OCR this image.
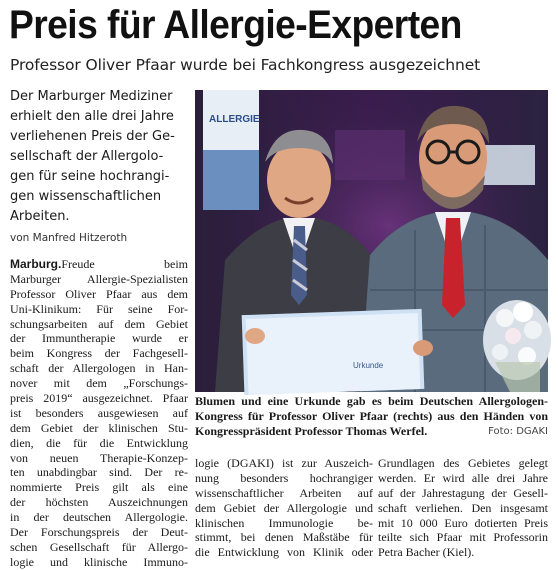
Preis für Allergie-Experten
Professor Oliver Pfaar wurde bei Fachkongress ausgezeichnet

Der Marburger Mediziner

erhielt den alle drei Jahre

verliehenen Preis der Ge-

sellschaft der Allergolo-

gen für seine hochrangi-

gen wissenschaftlichen

Arbeiten.

von Manfred Hitzeroth

Marburg.Freude beim

Marburger Allergie-Spezialisten

Professor Oliver Pfaar aus dem

Uni-Klinikum: Für seine For-

schungsarbeiten auf dem Gebiet

der Immuntherapie wurde er

beim Kongress der Fachgesell-

schaft der Allergologen in Han-

nover mit dem „Forschungs-

preis 2019“ ausgezeichnet. Pfaar

ist besonders ausgewiesen auf

dem Gebiet der klinischen Stu-

dien, die für die Entwicklung

von neuen Therapie-Konzep-

ten unabdingbar sind. Der re-

nommierte Preis gilt als eine

der höchsten Auszeichnungen

in der deutschen Allergologie.

Der Forschungspreis der Deut-

schen Gesellschaft für Allergo-

logie und klinische Immuno-

ALLERGIE
Urkunde

Blumen und eine Urkunde gab es beim Deutschen Allergologen-

Kongress für Professor Oliver Pfaar (rechts) aus den Händen von

Kongresspräsident Professor Thomas Werfel.	Foto: DGAKI

logie (DGAKI) ist zur Auszeich-

nung besonders hochrangiger

wissenschaftlicher Arbeiten auf

dem Gebiet der Allergologie und

klinischen Immunologie be-

stimmt, bei denen Maßstäbe für

die Entwicklung von Klinik oder

Grundlagen des Gebietes gelegt

werden. Er wird alle drei Jahre

auf der Jahrestagung der Gesell-

schaft verliehen. Den insgesamt

mit 10 000 Euro dotierten Preis

teilte sich Pfaar mit Professorin

Petra Bacher (Kiel).
